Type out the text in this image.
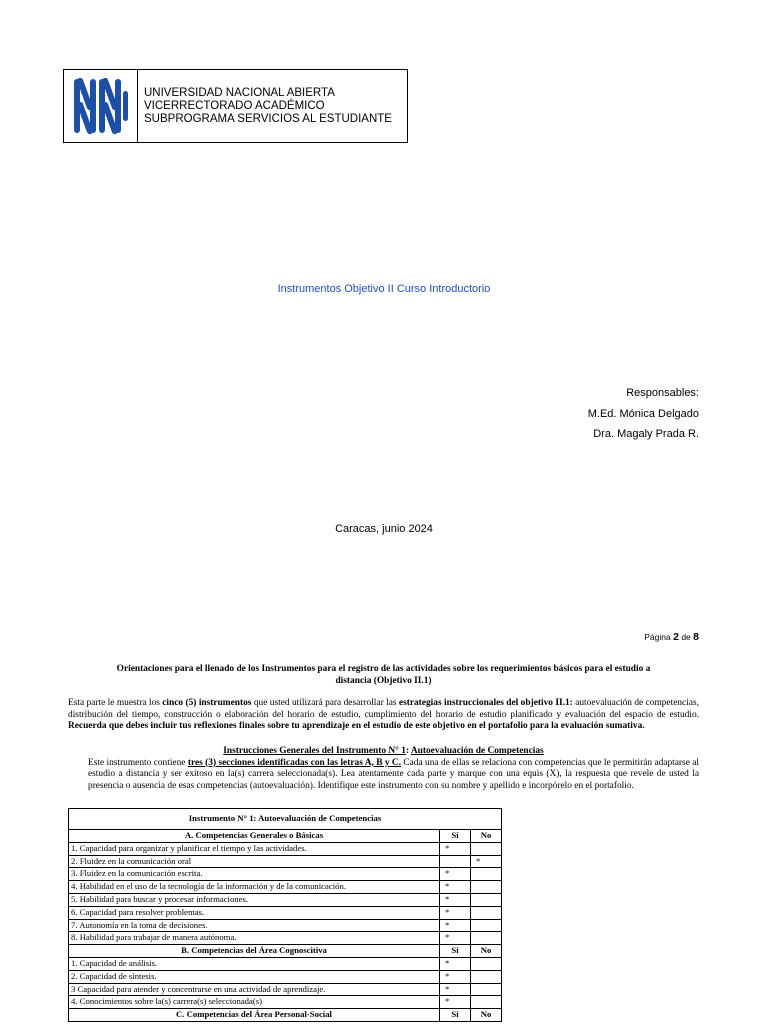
UNIVERSIDAD NACIONAL ABIERTA
VICERRECTORADO ACADÉMICO
SUBPROGRAMA SERVICIOS AL ESTUDIANTE
Instrumentos Objetivo II Curso Introductorio
Responsables:
M.Ed. Mónica Delgado
Dra. Magaly Prada R.
Caracas, junio 2024
Página 2 de 8
Orientaciones para el llenado de los Instrumentos para el registro de las actividades sobre los requerimientos básicos para el estudio a distancia (Objetivo II.1)
Esta parte le muestra los cinco (5) instrumentos que usted utilizará para desarrollar las estrategias instruccionales del objetivo II.1: autoevaluación de competencias, distribución del tiempo, construcción o elaboración del horario de estudio, cumplimiento del horario de estudio planificado y evaluación del espacio de estudio. Recuerda que debes incluir tus reflexiones finales sobre tu aprendizaje en el estudio de este objetivo en el portafolio para la evaluación sumativa.
Instrucciones Generales del Instrumento N° 1: Autoevaluación de Competencias
Este instrumento contiene tres (3) secciones identificadas con las letras A, B y C. Cada una de ellas se relaciona con competencias que le permitirán adaptarse al estudio a distancia y ser exitoso en la(s) carrera seleccionada(s). Lea atentamente cada parte y marque con una equis (X), la respuesta que revele de usted la presencia o ausencia de esas competencias (autoevaluación). Identifique este instrumento con su nombre y apellido e incorpórelo en el portafolio.
Instrumento N° 1: Autoevaluación de Competencias		
A. Competencias Generales o Básicas	Sí	No
1. Capacidad para organizar y planificar el tiempo y las actividades.	*	
2. Fluidez en la comunicación oral		*
3. Fluidez en la comunicación escrita.	*	
4. Habilidad en el uso de la tecnología de la información y de la comunicación.	*	
5. Habilidad para buscar y procesar informaciones.	*	
6. Capacidad para resolver problemas.	*	
7. Autonomía en la toma de decisiones.	*	
8. Habilidad para trabajar de manera autónoma.	*	
B. Competencias del Área Cognoscitiva	Sí	No
1. Capacidad de análisis.	*	
2. Capacidad de síntesis.	*	
3 Capacidad para atender y concentrarse en una actividad de aprendizaje.	*	
4. Conocimientos sobre la(s) carrera(s) seleccionada(s)	*	
C. Competencias del Área Personal-Social	Sí	No
